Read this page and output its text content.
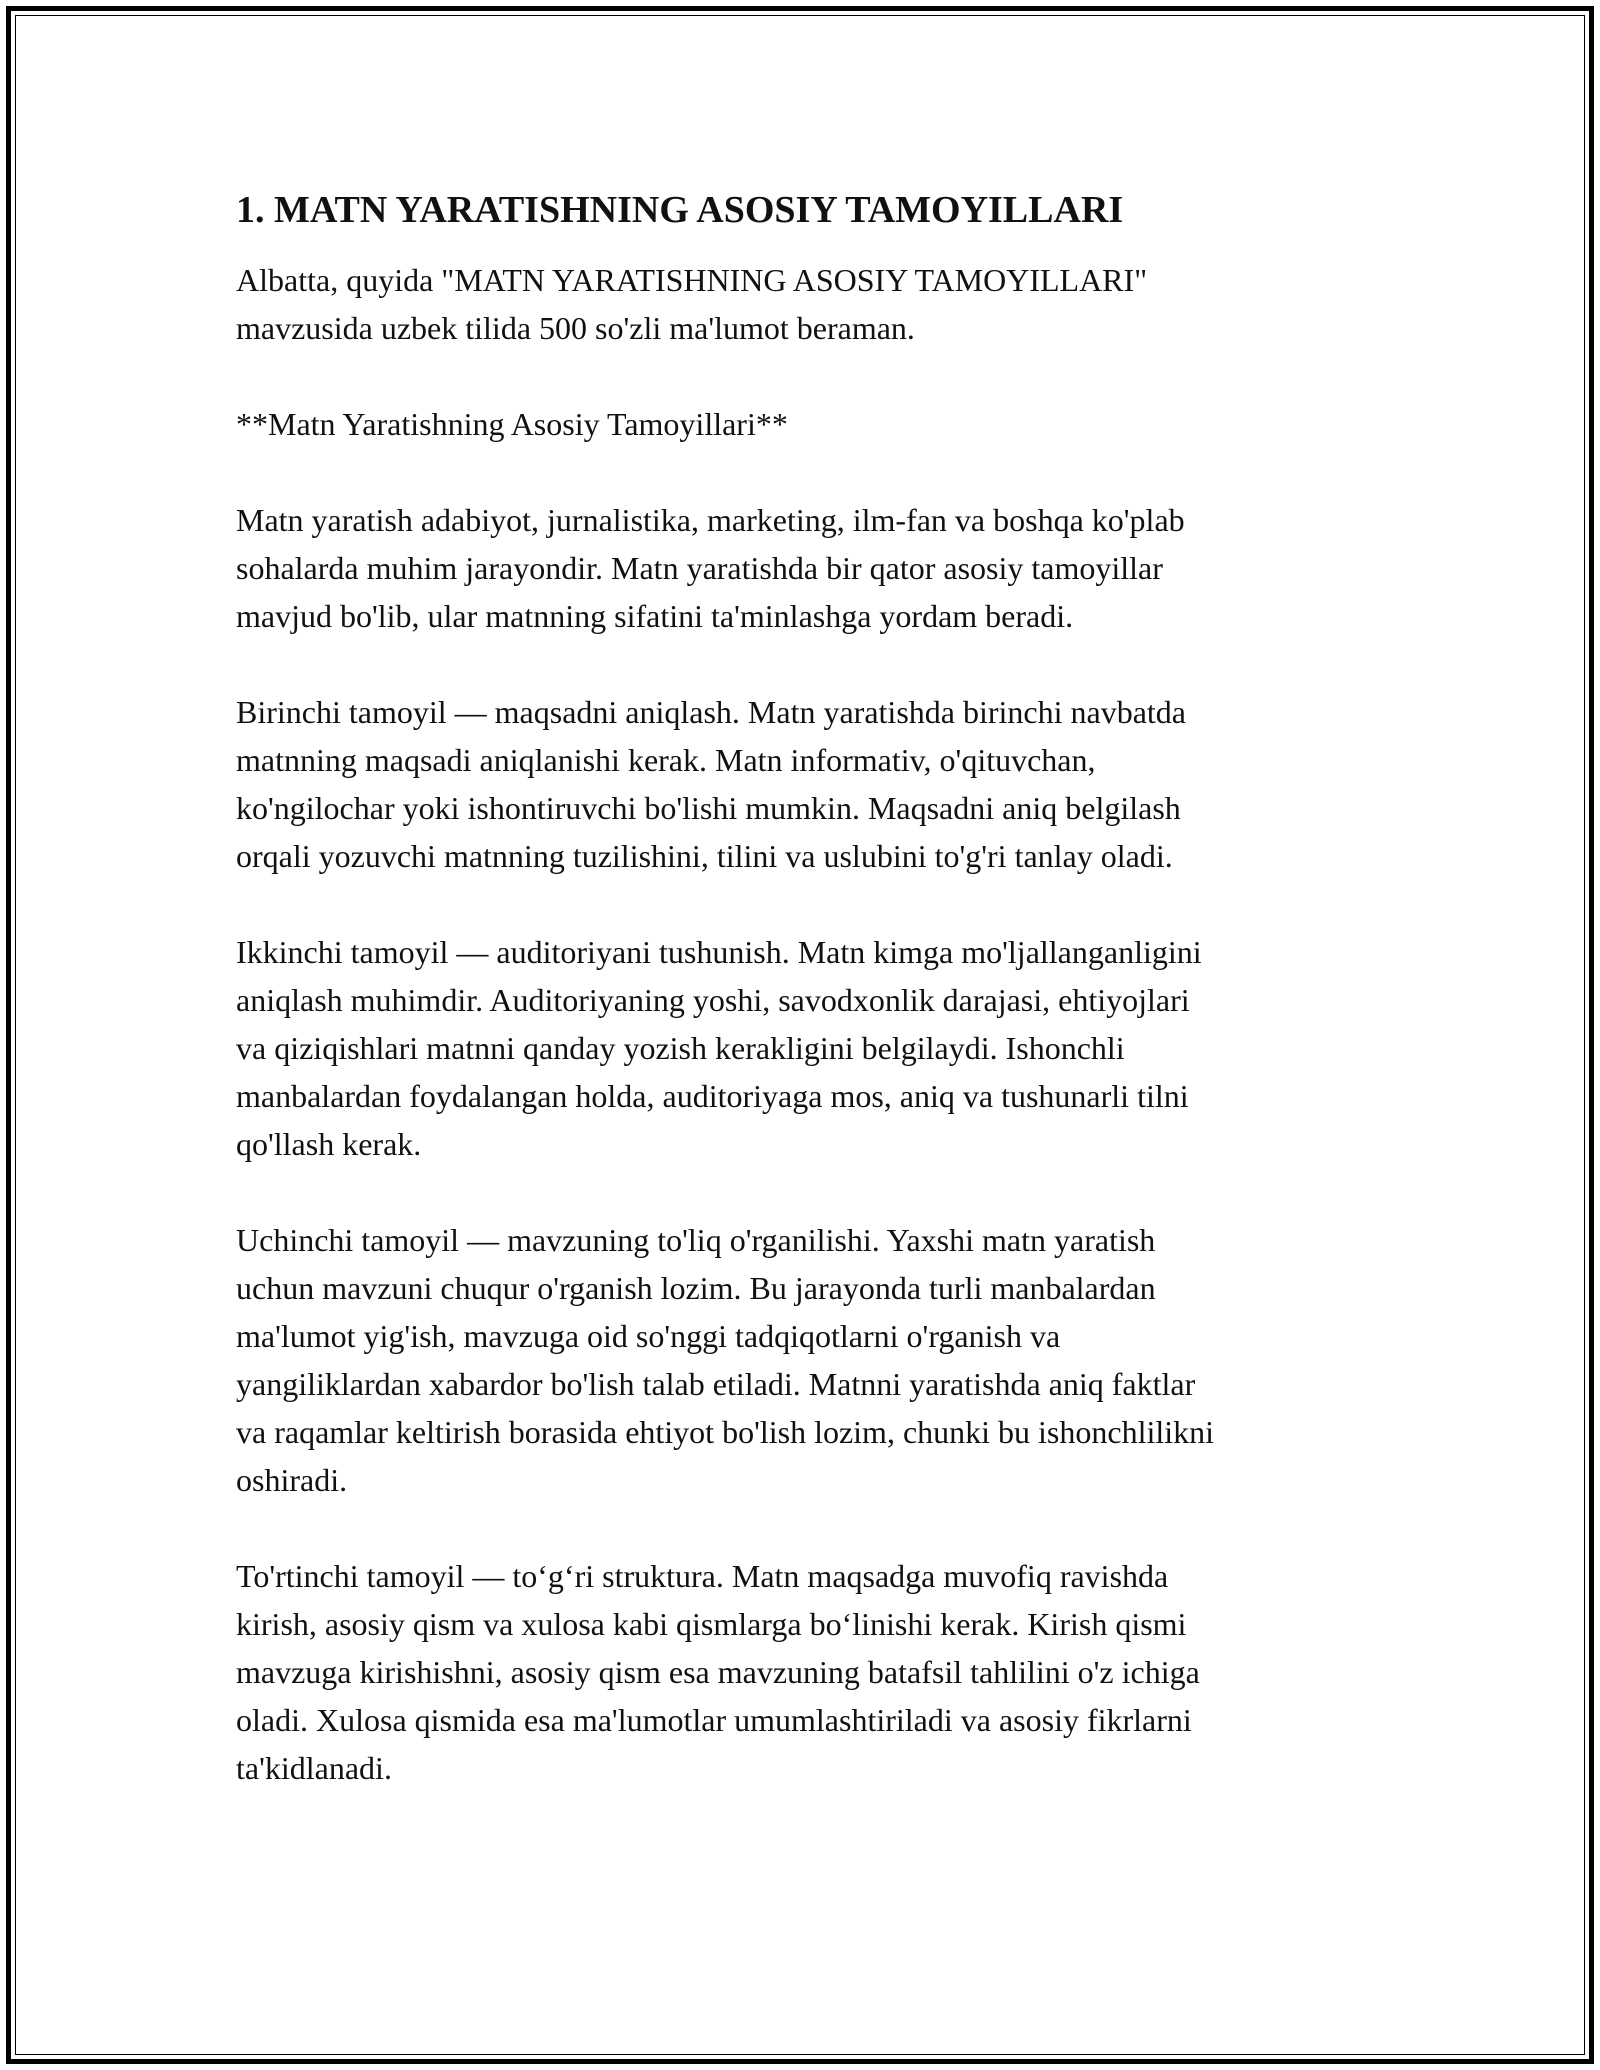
1. MATN YARATISHNING ASOSIY TAMOYILLARI

Albatta, quyida "MATN YARATISHNING ASOSIY TAMOYILLARI"
mavzusida uzbek tilida 500 so'zli ma'lumot beraman.

**Matn Yaratishning Asosiy Tamoyillari**

Matn yaratish adabiyot, jurnalistika, marketing, ilm-fan va boshqa ko'plab
sohalarda muhim jarayondir. Matn yaratishda bir qator asosiy tamoyillar
mavjud bo'lib, ular matnning sifatini ta'minlashga yordam beradi.

Birinchi tamoyil — maqsadni aniqlash. Matn yaratishda birinchi navbatda
matnning maqsadi aniqlanishi kerak. Matn informativ, o'qituvchan,
ko'ngilochar yoki ishontiruvchi bo'lishi mumkin. Maqsadni aniq belgilash
orqali yozuvchi matnning tuzilishini, tilini va uslubini to'g'ri tanlay oladi.

Ikkinchi tamoyil — auditoriyani tushunish. Matn kimga mo'ljallanganligini
aniqlash muhimdir. Auditoriyaning yoshi, savodxonlik darajasi, ehtiyojlari
va qiziqishlari matnni qanday yozish kerakligini belgilaydi. Ishonchli
manbalardan foydalangan holda, auditoriyaga mos, aniq va tushunarli tilni
qo'llash kerak.

Uchinchi tamoyil — mavzuning to'liq o'rganilishi. Yaxshi matn yaratish
uchun mavzuni chuqur o'rganish lozim. Bu jarayonda turli manbalardan
ma'lumot yig'ish, mavzuga oid so'nggi tadqiqotlarni o'rganish va
yangiliklardan xabardor bo'lish talab etiladi. Matnni yaratishda aniq faktlar
va raqamlar keltirish borasida ehtiyot bo'lish lozim, chunki bu ishonchlilikni
oshiradi.

To'rtinchi tamoyil — to‘g‘ri struktura. Matn maqsadga muvofiq ravishda
kirish, asosiy qism va xulosa kabi qismlarga bo‘linishi kerak. Kirish qismi
mavzuga kirishishni, asosiy qism esa mavzuning batafsil tahlilini o'z ichiga
oladi. Xulosa qismida esa ma'lumotlar umumlashtiriladi va asosiy fikrlarni
ta'kidlanadi.
